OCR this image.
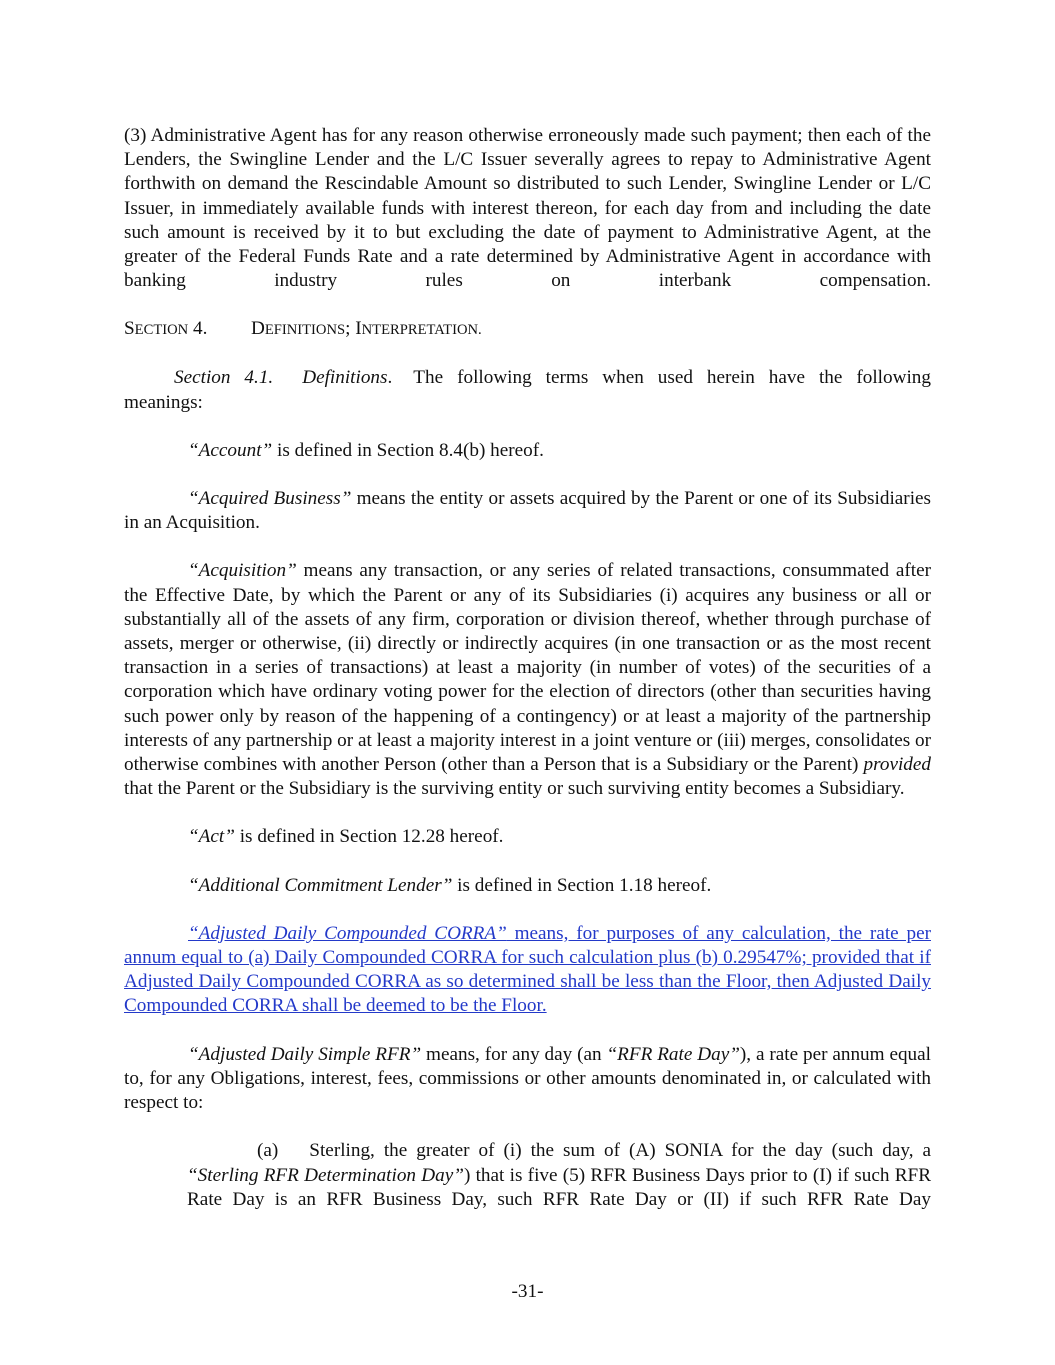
(3) Administrative Agent has for any reason otherwise erroneously made such payment; then each of the Lenders, the Swingline Lender and the L/C Issuer severally agrees to repay to Administrative Agent forthwith on demand the Rescindable Amount so distributed to such Lender, Swingline Lender or L/C Issuer, in immediately available funds with interest thereon, for each day from and including the date such amount is received by it to but excluding the date of payment to Administrative Agent, at the greater of the Federal Funds Rate and a rate determined by Administrative Agent in accordance with banking industry rules on interbank compensation.

SECTION 4. DEFINITIONS; INTERPRETATION.

Section 4.1. Definitions. The following terms when used herein have the following meanings:

“Account” is defined in Section 8.4(b) hereof.

“Acquired Business” means the entity or assets acquired by the Parent or one of its Subsidiaries in an Acquisition.

“Acquisition” means any transaction, or any series of related transactions, consummated after the Effective Date, by which the Parent or any of its Subsidiaries (i) acquires any business or all or substantially all of the assets of any firm, corporation or division thereof, whether through purchase of assets, merger or otherwise, (ii) directly or indirectly acquires (in one transaction or as the most recent transaction in a series of transactions) at least a majority (in number of votes) of the securities of a corporation which have ordinary voting power for the election of directors (other than securities having such power only by reason of the happening of a contingency) or at least a majority of the partnership interests of any partnership or at least a majority interest in a joint venture or (iii) merges, consolidates or otherwise combines with another Person (other than a Person that is a Subsidiary or the Parent) provided that the Parent or the Subsidiary is the surviving entity or such surviving entity becomes a Subsidiary.

“Act” is defined in Section 12.28 hereof.

“Additional Commitment Lender” is defined in Section 1.18 hereof.

“Adjusted Daily Compounded CORRA” means, for purposes of any calculation, the rate per annum equal to (a) Daily Compounded CORRA for such calculation plus (b) 0.29547%; provided that if Adjusted Daily Compounded CORRA as so determined shall be less than the Floor, then Adjusted Daily Compounded CORRA shall be deemed to be the Floor.

“Adjusted Daily Simple RFR” means, for any day (an “RFR Rate Day”), a rate per annum equal to, for any Obligations, interest, fees, commissions or other amounts denominated in, or calculated with respect to:

(a) Sterling, the greater of (i) the sum of (A) SONIA for the day (such day, a “Sterling RFR Determination Day”) that is five (5) RFR Business Days prior to (I) if such RFR Rate Day is an RFR Business Day, such RFR Rate Day or (II) if such RFR Rate Day

-31-
